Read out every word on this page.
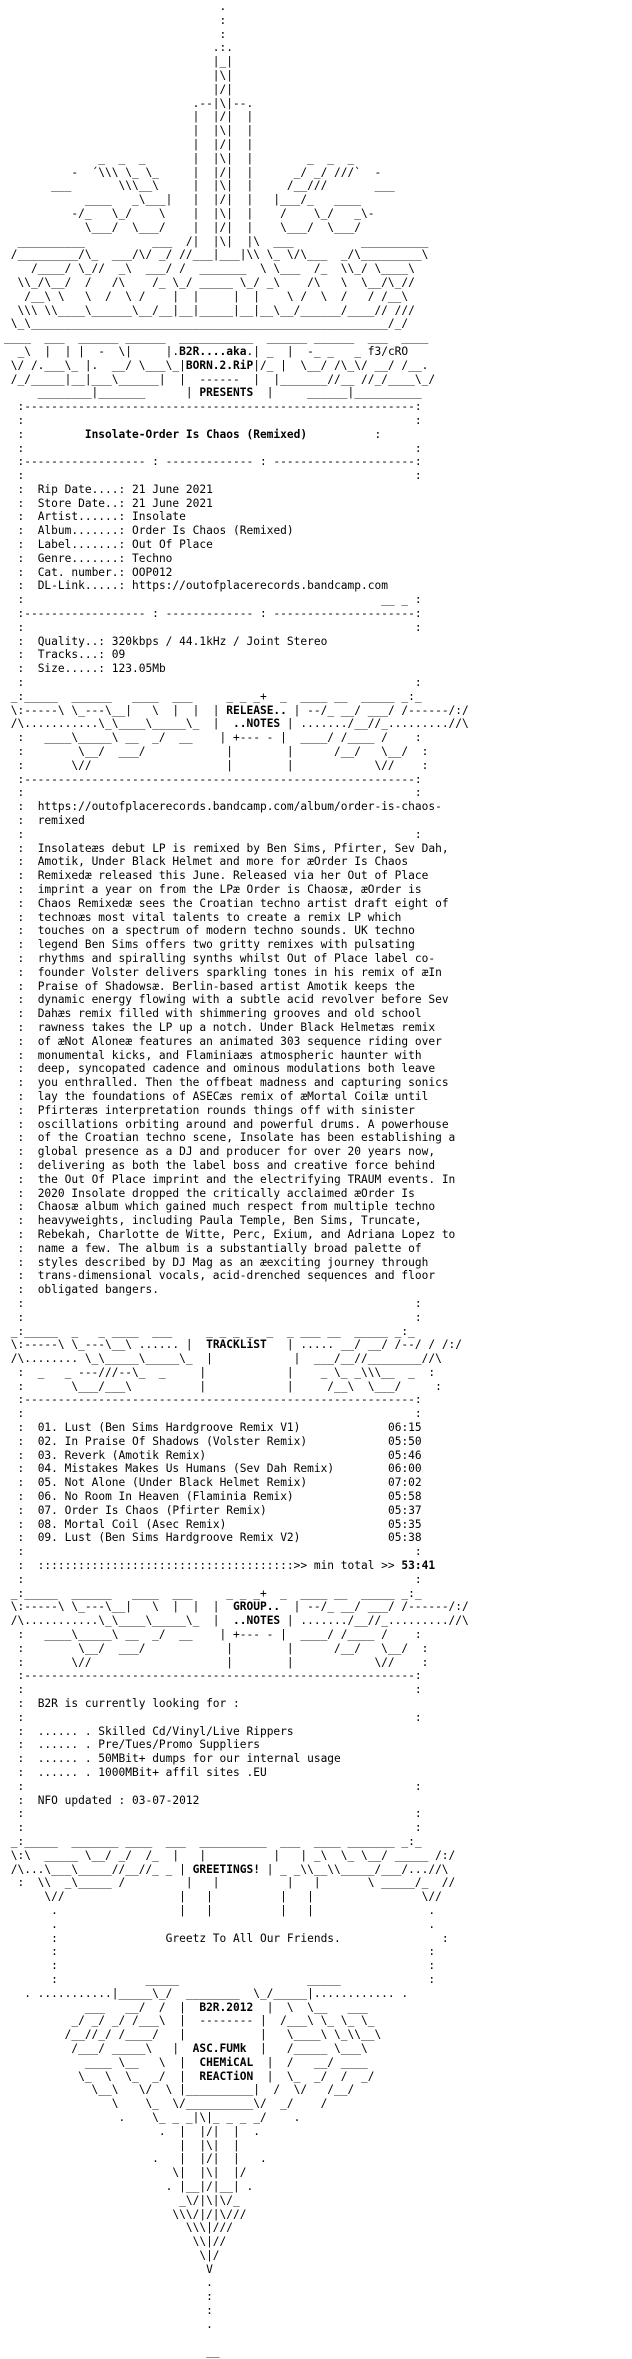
.
:
:
.:.
|_|
|\|
|/|
.--|\|--.
|  |/|  |
|  |\|  |
|  |/|  |
_  _  _       |  |\|  |        _  _  _
-  ´\\\ \_ \_     |  |/|  |      _/ _/ ///`  -
___       \\\__\     |  |\|  |     /__///       ___
____   _\___|   |  |/|  |   |___/_   ____
-/_   \_/    \    |  |\|  |    /    \_/   _\-
\___/  \___/    |  |/|  |    \___/  \___/
__________          ___  /|  |\|  |\  ___          __________
/_________/\_  ___/\/ _/ //___|___|\\ \_ \/\___  _/\_________\
/____/ \_//  _\  ___/ /  _______  \ \___  /_  \\_/ \____\
\\_/\__/  /   /\    /_ \_/ _____ \_/ _\    /\   \  \__/\_//
/__\ \   \  /  \ /    |  |     |  |    \ /  \  /   / /__\
\\\ \\____\______\__/__|__|_____|__|__\__/______/____// ///
\_\_____________________________________________________/_/
____  ___  ______ ______  ___________  ______ ______  ___  ____
_\  |  | |  -  \|     |.B2R....aka.| _  |  -_ _   _ f3/cRO
\/ /.___\_ |.  __/ \___\_|BORN.2.RiP|/_ |  \__/ /\_\/ __/ /__.
/_/_____|__|___\______|  |  ------  |  |_______//__ //_/____\_/
________|_______      | PRESENTS  |     ______|__________
:----------------------------------------------------------:
:                                                          :
:         Insolate-Order Is Chaos (Remixed)          :
:                                                          :
:------------------ : ------------- : ---------------------:
:                                                          :
:  Rip Date....: 21 June 2021
:  Store Date..: 21 June 2021
:  Artist......: Insolate
:  Album.......: Order Is Chaos (Remixed)
:  Label.......: Out Of Place
:  Genre.......: Techno
:  Cat. number.: OOP012
:  DL-Link.....: https://outofplacerecords.bandcamp.com
:                                                     __ _ :
:------------------ : ------------- : ---------------------:
:                                                          :
:  Quality..: 320kbps / 44.1kHz / Joint Stereo
:  Tracks...: 09
:  Size.....: 123.05Mb
:                                                          :
_:_____  ______   ____  ___     _ _ _+  _  ____ __  _____ _:_
\:-----\ \_---\__|   \  |  |  | RELEASE.. | --/_ __/ ___/ /------/:/
/\...........\_\____\_____\_  |  ..NOTES | ......./__//_.........//\
:   ____\_____\ __  _/  __    | +--- - |  ____/ /____ /    :
:        \__/  ___/            |        |      /__/   \__/  :
:       \//                    |        |            \//    :
:----------------------------------------------------------:
:                                                          :
:  https://outofplacerecords.bandcamp.com/album/order-is-chaos-
:  remixed
:                                                          :
:  Insolateæs debut LP is remixed by Ben Sims, Pfirter, Sev Dah,
:  Amotik, Under Black Helmet and more for æOrder Is Chaos
:  Remixedæ released this June. Released via her Out of Place
:  imprint a year on from the LPæ Order is Chaosæ, æOrder is
:  Chaos Remixedæ sees the Croatian techno artist draft eight of
:  technoæs most vital talents to create a remix LP which
:  touches on a spectrum of modern techno sounds. UK techno
:  legend Ben Sims offers two gritty remixes with pulsating
:  rhythms and spiralling synths whilst Out of Place label co-
:  founder Volster delivers sparkling tones in his remix of æIn
:  Praise of Shadowsæ. Berlin-based artist Amotik keeps the
:  dynamic energy flowing with a subtle acid revolver before Sev
:  Dahæs remix filled with shimmering grooves and old school
:  rawness takes the LP up a notch. Under Black Helmetæs remix
:  of æNot Aloneæ features an animated 303 sequence riding over
:  monumental kicks, and Flaminiaæs atmospheric haunter with
:  deep, syncopated cadence and ominous modulations both leave
:  you enthralled. Then the offbeat madness and capturing sonics
:  lay the foundations of ASECæs remix of æMortal Coilæ until
:  Pfirteræs interpretation rounds things off with sinister
:  oscillations orbiting around and powerful drums. A powerhouse
:  of the Croatian techno scene, Insolate has been establishing a
:  global presence as a DJ and producer for over 20 years now,
:  delivering as both the label boss and creative force behind
:  the Out Of Place imprint and the electrifying TRAUM events. In
:  2020 Insolate dropped the critically acclaimed æOrder Is
:  Chaosæ album which gained much respect from multiple techno
:  heavyweights, including Paula Temple, Ben Sims, Truncate,
:  Rebekah, Charlotte de Witte, Perc, Exium, and Adriana Lopez to
:  name a few. The album is a substantially broad palette of
:  styles described by DJ Mag as an æexciting journey through
:  trans-dimensional vocals, acid-drenched sequences and floor
:  obligated bangers.
:                                                          :
:                                                          :
_:_____  _   _ ____  ___     _ _ _ _  _  _ ___ __  _____ _:_
\:-----\ \_---\__\ ...... |  TRACKLiST   | ..... __/ __/ /--/ / /:/
/\........ \_\_____\_____\_  |            |  ___/__//________//\
:  _   _ ---///--\_  _     |            |    _ \_ _\\\__  _  :
:       \___/___\          |            |     /__\  \___/     :
:----------------------------------------------------------:
:                                                          :
:  01. Lust (Ben Sims Hardgroove Remix V1)	06:15
:  02. In Praise Of Shadows (Volster Remix)	05:50
:  03. Reverk (Amotik Remix)	05:46
:  04. Mistakes Makes Us Humans (Sev Dah Remix)	06:00
:  05. Not Alone (Under Black Helmet Remix)	07:02
:  06. No Room In Heaven (Flaminia Remix)	05:58
:  07. Order Is Chaos (Pfirter Remix)	05:37
:  08. Mortal Coil (Asec Remix)	05:35
:  09. Lust (Ben Sims Hardgroove Remix V2)	05:38
:                                                          :
:  ::::::::::::::::::::::::::::::::::::::>> min total >> 53:41
:                                                          :
_:_____  ______   ____  ___     _ _ _+  _  ____ __  _____ _:_
\:-----\ \_---\__|   \  |  |  |  GROUP..  | --/_ __/ ___/ /------/:/
/\...........\_\____\_____\_  |  ..NOTES | ......./__//_.........//\
:   ____\_____\ __  _/  __    | +--- - |  ____/ /____ /    :
:        \__/  ___/            |        |      /__/   \__/  :
:       \//                    |        |            \//    :
:----------------------------------------------------------:
:                                                          :
:  B2R is currently looking for :
:                                                          :
:  ...... . Skilled Cd/Vinyl/Live Rippers
:  ...... . Pre/Tues/Promo Suppliers
:  ...... . 50MBit+ dumps for our internal usage
:  ...... . 1000MBit+ affil sites .EU
:                                                          :
:  NFO updated : 03-07-2012
:                                                          :
:                                                          :
_:_____  _______ ____  ___  __________  ___  ____ _______ _:_
\:\  _____ \__/ _/  /_  |   |          |   | _\  \_ \__/ _____ /:/
/\...\___\_____//__//_ _ | GREETINGS! | _ _\\__\\_____/___/...//\
:  \\  _\_____ /         |   |          |   |       \ _____/_  //
\//                 |   |          |   |                \//
.                  |   |          |   |                 .
.                                                       .
:                Greetz To All Our Friends.               :
:                                                       :
:                                                       :
:             _____                   _____             :
. ...........|_____\_/  ________  \_/_____|............ .
___   __/  /  |  B2R.2012  |  \  \__   ___
_/ _/ _/ /___\  |  -------- |  /___\ \_ \_ \_
/__//_/ /____/   |           |   \____\ \_\\__\
/___/ _____\   |  ASC.FUMk  |   /_____ \___\
____ \__   \  |  CHEMiCAL  |  /   __/ ____
\_  \  \_  _/  |  REACTiON  |  \_  _/  /  _/
\__\   \/  \ |__________|  /  \/   /__/
\    \_  \/__________\/  _/    /
.    \_ _ _|\|_ _ _ _/    .
.  |  |/|  |  .
|  |\|  |
.   |  |/|  |   .
\|  |\|  |/
. |__|/|__| .
_\/|\|\/_
\\\/|/|\///
\\\|///
\\|//
\|/
V
.
:
:
.

__
